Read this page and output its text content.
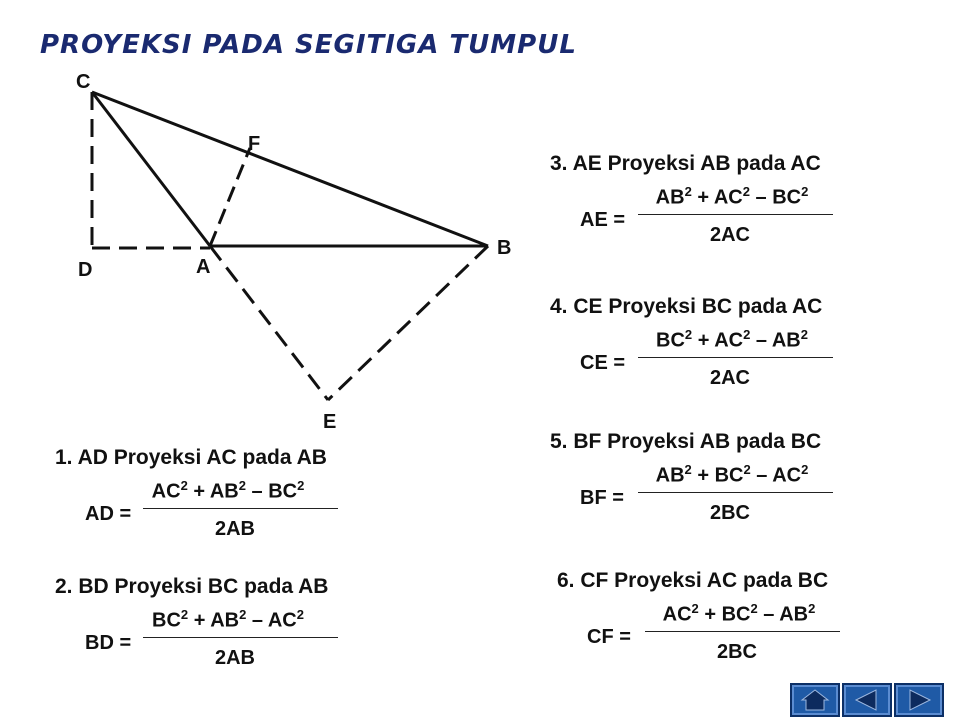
PROYEKSI PADA SEGITIGA TUMPUL
C
F
B
D	A
E
1. AD Proyeksi AC pada AB
AD =
$AC^2 + AB^2 - BC^2$
2AB
2. BD Proyeksi BC pada AB
BD =
$BC^2 + AB^2 - AC^2$
2AB
3. AE Proyeksi AB pada AC
AE =
$AB^2 + AC^2 - BC^2$
2AC
4. CE Proyeksi BC pada AC
CE =
$BC^2 + AC^2 - AB^2$
2AC
5. BF Proyeksi AB pada BC
BF =
$AB^2 + BC^2 - AC^2$
2BC
6. CF Proyeksi AC pada BC
CF =
$AC^2 + BC^2 - AB^2$
2BC
